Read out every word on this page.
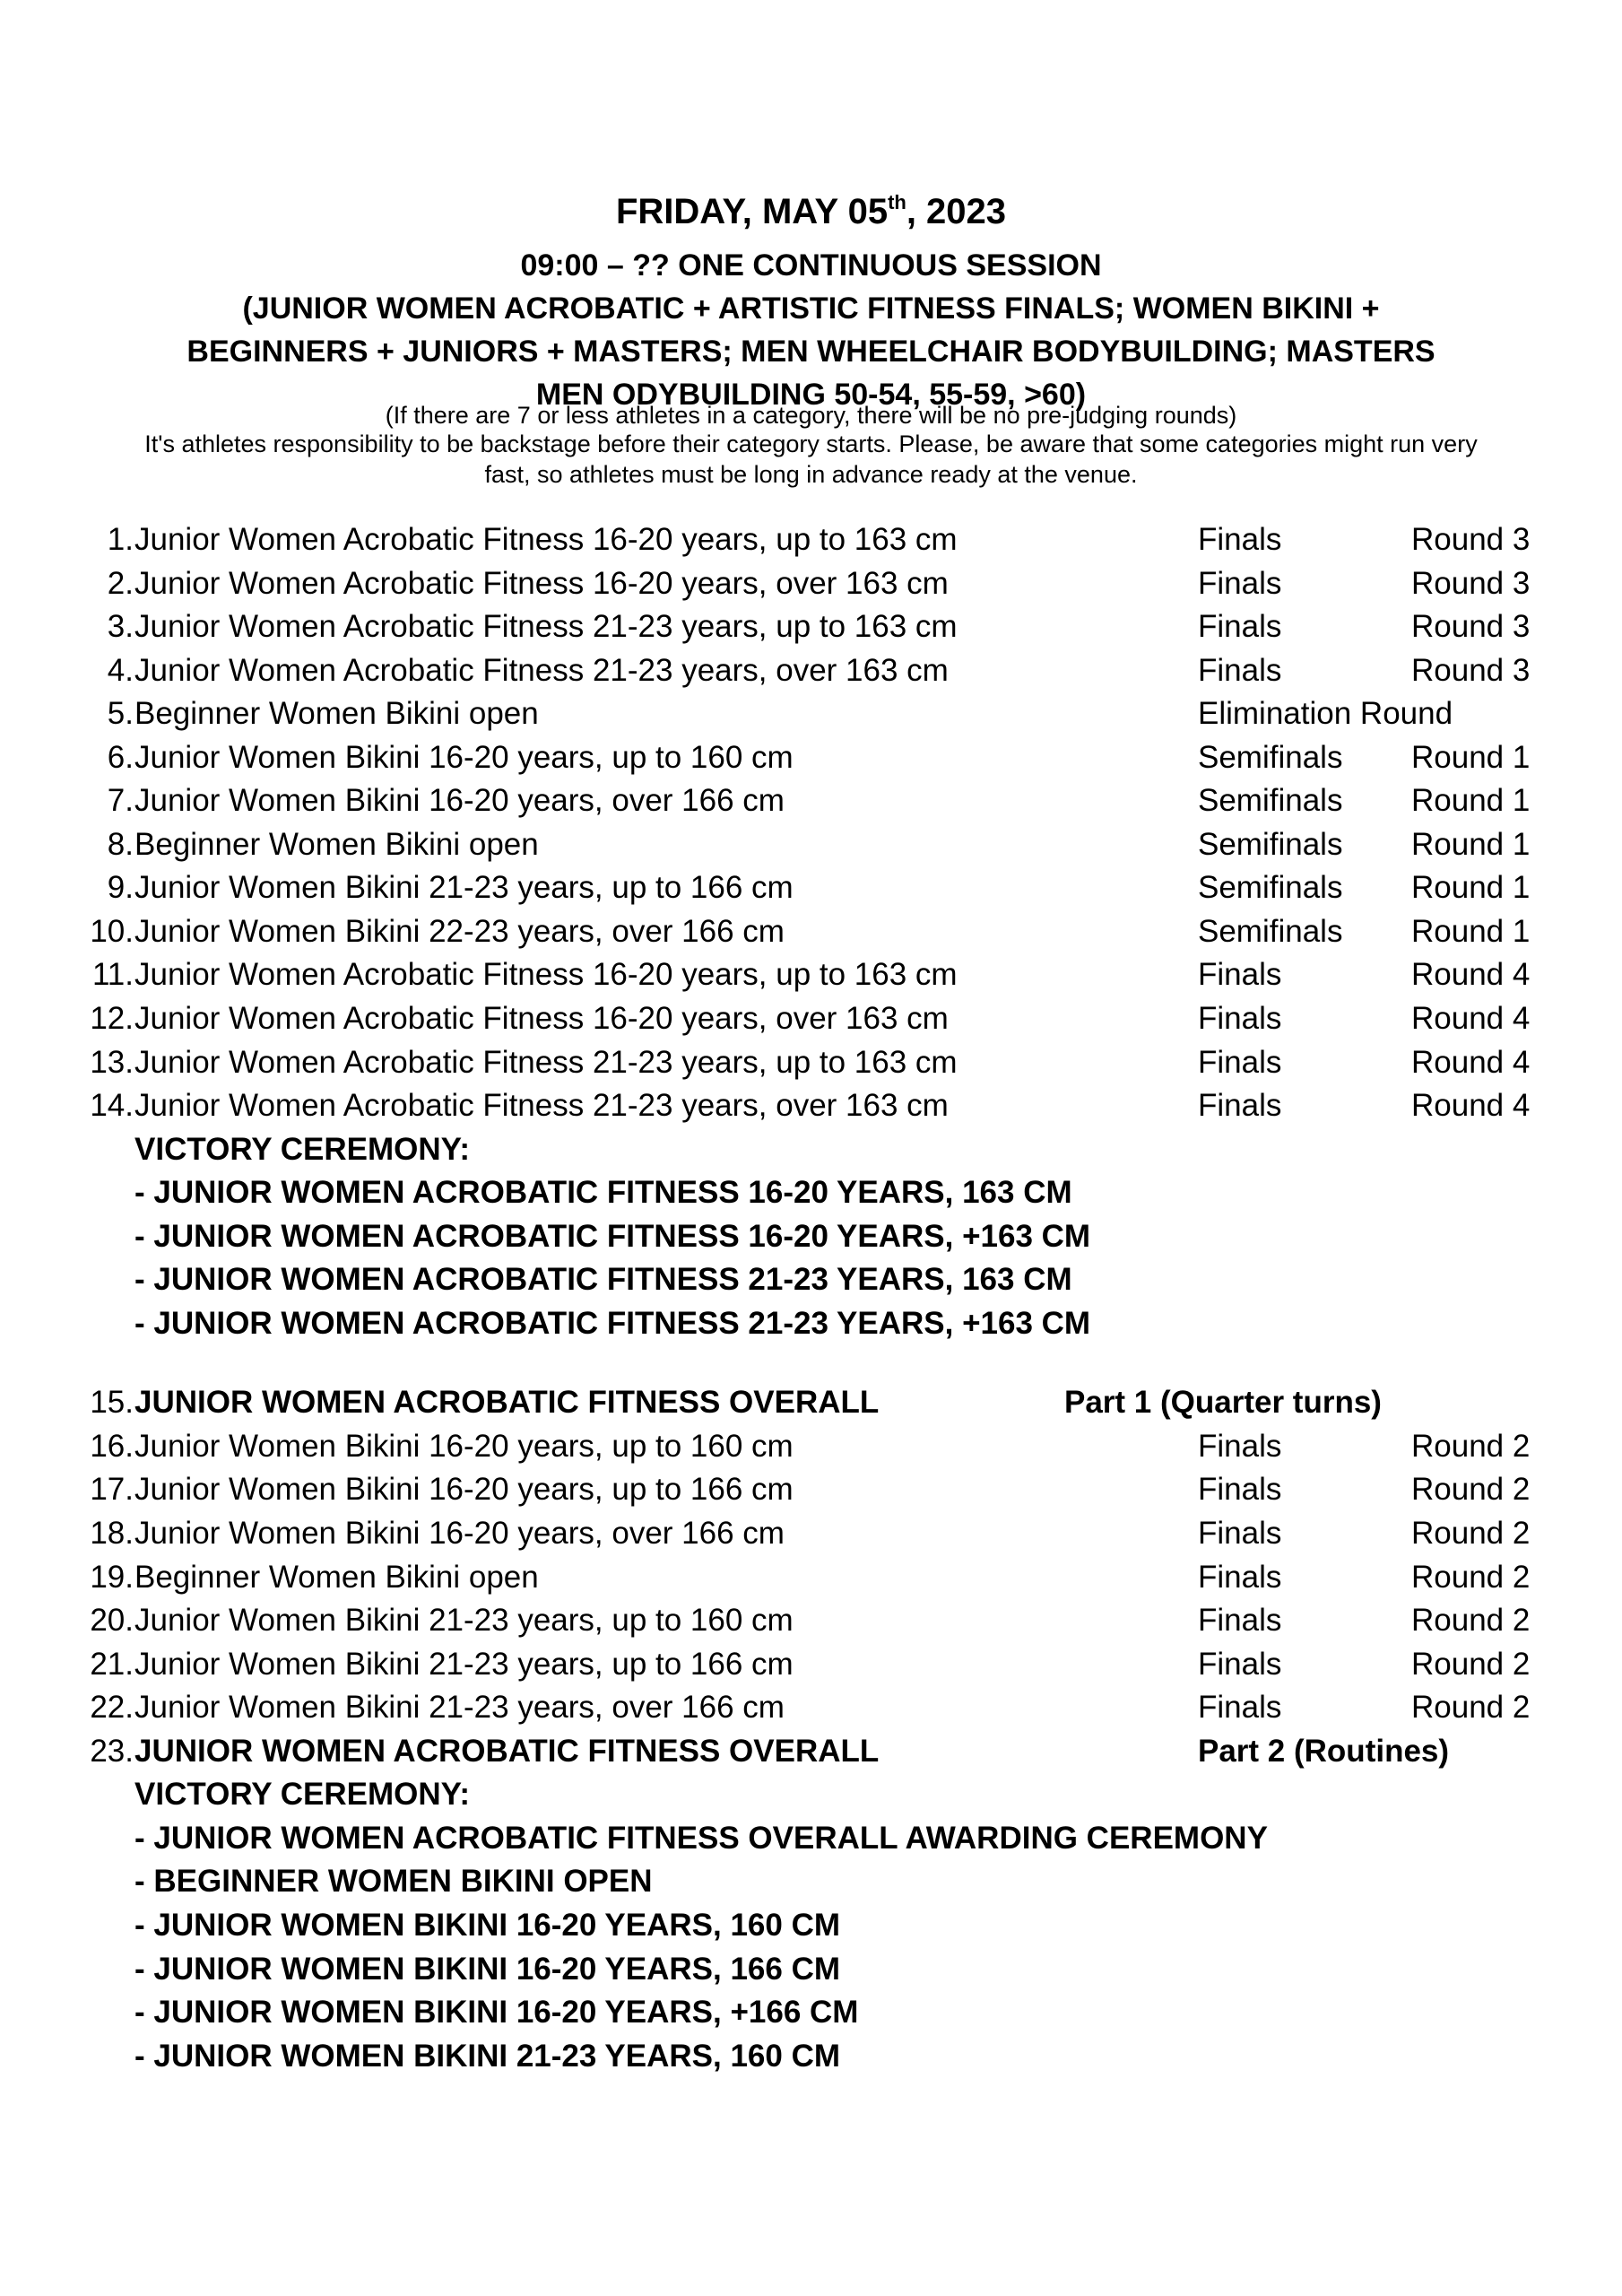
FRIDAY, MAY 05th, 2023
09:00 – ?? ONE CONTINUOUS SESSION
(JUNIOR WOMEN ACROBATIC + ARTISTIC FITNESS FINALS; WOMEN BIKINI +
BEGINNERS + JUNIORS + MASTERS; MEN WHEELCHAIR BODYBUILDING; MASTERS
MEN ODYBUILDING 50-54, 55-59, >60)
(If there are 7 or less athletes in a category, there will be no pre-judging rounds)
It's athletes responsibility to be backstage before their category starts. Please, be aware that some categories might run very fast, so athletes must be long in advance ready at the venue.
1. Junior Women Acrobatic Fitness 16-20 years, up to 163 cm	Finals	Round 3
2. Junior Women Acrobatic Fitness 16-20 years, over 163 cm	Finals	Round 3
3. Junior Women Acrobatic Fitness 21-23 years, up to 163 cm	Finals	Round 3
4. Junior Women Acrobatic Fitness 21-23 years, over 163 cm	Finals	Round 3
5. Beginner Women Bikini open	Elimination Round
6. Junior Women Bikini 16-20 years, up to 160 cm	Semifinals Round 1
7. Junior Women Bikini 16-20 years, over 166 cm	Semifinals Round 1
8. Beginner Women Bikini open	Semifinals Round 1
9. Junior Women Bikini 21-23 years, up to 166 cm	Semifinals Round 1
10. Junior Women Bikini 22-23 years, over 166 cm	Semifinals Round 1
11. Junior Women Acrobatic Fitness 16-20 years, up to 163 cm	Finals	Round 4
12. Junior Women Acrobatic Fitness 16-20 years, over 163 cm	Finals	Round 4
13. Junior Women Acrobatic Fitness 21-23 years, up to 163 cm	Finals	Round 4
14. Junior Women Acrobatic Fitness 21-23 years, over 163 cm	Finals	Round 4
VICTORY CEREMONY:
- JUNIOR WOMEN ACROBATIC FITNESS 16-20 YEARS, 163 CM
- JUNIOR WOMEN ACROBATIC FITNESS 16-20 YEARS, +163 CM
- JUNIOR WOMEN ACROBATIC FITNESS 21-23 YEARS, 163 CM
- JUNIOR WOMEN ACROBATIC FITNESS 21-23 YEARS, +163 CM
15. JUNIOR WOMEN ACROBATIC FITNESS OVERALL	Part 1 (Quarter turns)
16. Junior Women Bikini 16-20 years, up to 160 cm	Finals	Round 2
17. Junior Women Bikini 16-20 years, up to 166 cm	Finals	Round 2
18. Junior Women Bikini 16-20 years, over 166 cm	Finals	Round 2
19. Beginner Women Bikini open	Finals	Round 2
20. Junior Women Bikini 21-23 years, up to 160 cm	Finals	Round 2
21. Junior Women Bikini 21-23 years, up to 166 cm	Finals	Round 2
22. Junior Women Bikini 21-23 years, over 166 cm	Finals	Round 2
23. JUNIOR WOMEN ACROBATIC FITNESS OVERALL	Part 2 (Routines)
VICTORY CEREMONY:
- JUNIOR WOMEN ACROBATIC FITNESS OVERALL AWARDING CEREMONY
- BEGINNER WOMEN BIKINI OPEN
- JUNIOR WOMEN BIKINI 16-20 YEARS, 160 CM
- JUNIOR WOMEN BIKINI 16-20 YEARS, 166 CM
- JUNIOR WOMEN BIKINI 16-20 YEARS, +166 CM
- JUNIOR WOMEN BIKINI 21-23 YEARS, 160 CM
